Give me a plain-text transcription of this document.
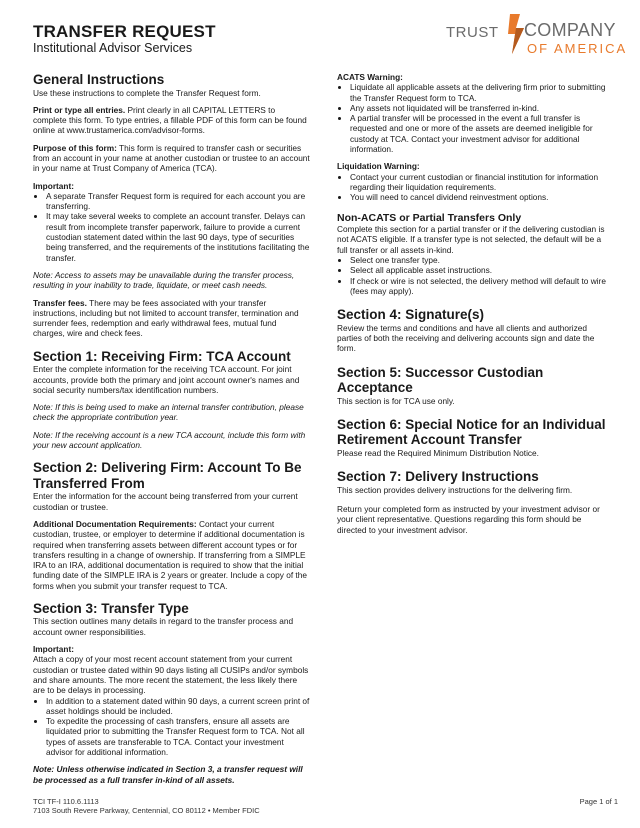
TRANSFER REQUEST
Institutional Advisor Services
TRUST COMPANY
OF AMERICA
General Instructions

Use these instructions to complete the Transfer Request form.

Print or type all entries. Print clearly in all CAPITAL LETTERS to complete this form. To type entries, a fillable PDF of this form can be found online at www.trustamerica.com/advisor-forms.

Purpose of this form: This form is required to transfer cash or securities from an account in your name at another custodian or trustee to an account in your name at Trust Company of America (TCA).

Important:

• A separate Transfer Request form is required for each account you are transferring.
• It may take several weeks to complete an account transfer. Delays can result from incomplete transfer paperwork, failure to provide a current custodian statement dated within the last 90 days, type of securities being transferred, and the requirements of the institutions facilitating the transfer.

Note: Access to assets may be unavailable during the transfer process, resulting in your inability to trade, liquidate, or meet cash needs.

Transfer fees. There may be fees associated with your transfer instructions, including but not limited to account transfer, termination and surrender fees, redemption and early withdrawal fees, mutual fund charges, wire and check fees.

Section 1: Receiving Firm: TCA Account

Enter the complete information for the receiving TCA account. For joint accounts, provide both the primary and joint account owner's names and social security numbers/tax identification numbers.

Note: If this is being used to make an internal transfer contribution, please check the appropriate contribution year.

Note: If the receiving account is a new TCA account, include this form with your new account application.

Section 2: Delivering Firm: Account To Be Transferred From

Enter the information for the account being transferred from your current custodian or trustee.

Additional Documentation Requirements: Contact your current custodian, trustee, or employer to determine if additional documentation is required when transferring assets between different account types or for transfers resulting in a change of ownership. If transferring from a SIMPLE IRA to an IRA, additional documentation is required to show that the initial funding date of the SIMPLE IRA is 2 years or greater. Include a copy of the forms when you submit your transfer request to TCA.

Section 3: Transfer Type

This section outlines many details in regard to the transfer process and account owner responsibilities.

Important:

Attach a copy of your most recent account statement from your current custodian or trustee dated within 90 days listing all CUSIPs and/or symbols and share amounts. The more recent the statement, the less likely there are to be delays in processing.

• In addition to a statement dated within 90 days, a current screen print of asset holdings should be included.
• To expedite the processing of cash transfers, ensure all assets are liquidated prior to submitting the Transfer Request form to TCA. Not all types of assets are transferable to TCA. Contact your investment advisor for additional information.

Note: Unless otherwise indicated in Section 3, a transfer request will be processed as a full transfer in-kind of all assets.

ACATS Warning:

• Liquidate all applicable assets at the delivering firm prior to submitting the Transfer Request form to TCA.
• Any assets not liquidated will be transferred in-kind.
• A partial transfer will be processed in the event a full transfer is requested and one or more of the assets are deemed ineligible for custody at TCA. Contact your investment advisor for additional information.

Liquidation Warning:

• Contact your current custodian or financial institution for information regarding their liquidation requirements.
• You will need to cancel dividend reinvestment options.
Non-ACATS or Partial Transfers Only

Complete this section for a partial transfer or if the delivering custodian is not ACATS eligible. If a transfer type is not selected, the default will be a full transfer or all assets in-kind.

• Select one transfer type.
• Select all applicable asset instructions.
• If check or wire is not selected, the delivery method will default to wire (fees may apply).
Section 4: Signature(s)

Review the terms and conditions and have all clients and authorized parties of both the receiving and delivering accounts sign and date the form.

Section 5: Successor Custodian Acceptance

This section is for TCA use only.

Section 6: Special Notice for an Individual Retirement Account Transfer

Please read the Required Minimum Distribution Notice.

Section 7: Delivery Instructions

This section provides delivery instructions for the delivering firm.

Return your completed form as instructed by your investment advisor or your client representative. Questions regarding this form should be directed to your investment advisor.

TCI TF-I 110.6.1113
7103 South Revere Parkway, Centennial, CO 80112 • Member FDIC
Page 1 of 1
